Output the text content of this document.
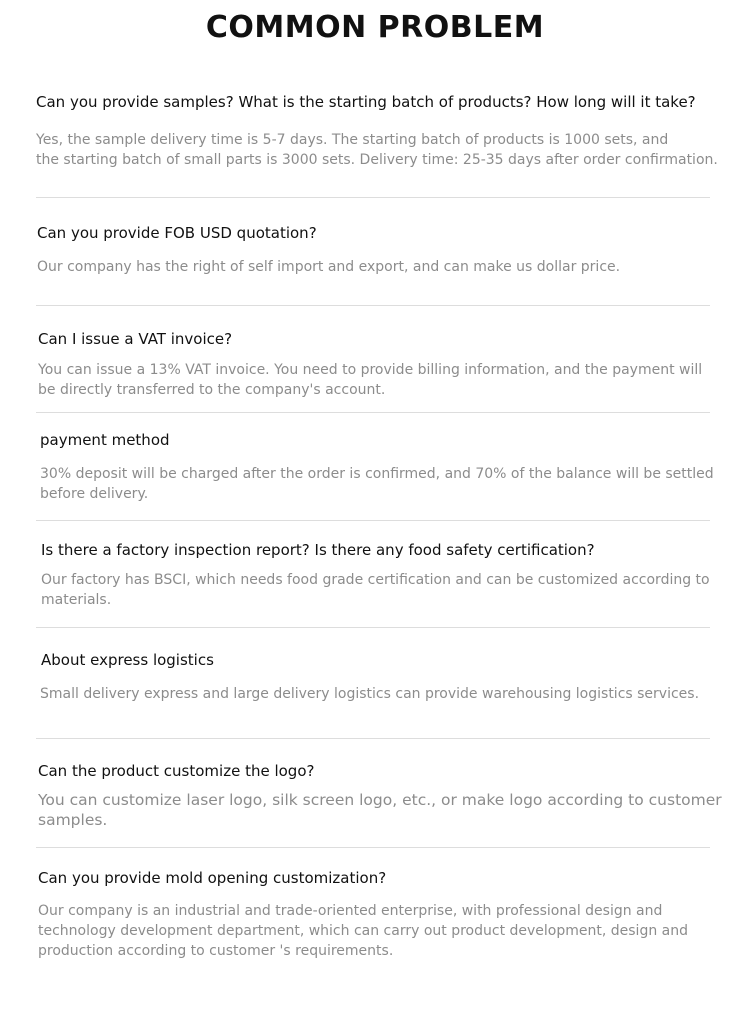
COMMON PROBLEM
Can you provide samples? What is the starting batch of products? How long will it take?
Yes, the sample delivery time is 5-7 days. The starting batch of products is 1000 sets, and
the starting batch of small parts is 3000 sets. Delivery time: 25-35 days after order confirmation.
Can you provide FOB USD quotation?
Our company has the right of self import and export, and can make us dollar price.
Can I issue a VAT invoice?
You can issue a 13% VAT invoice. You need to provide billing information, and the payment will
be directly transferred to the company's account.
payment method
30% deposit will be charged after the order is confirmed, and 70% of the balance will be settled
before delivery.
Is there a factory inspection report? Is there any food safety certification?
Our factory has BSCI, which needs food grade certification and can be customized according to
materials.
About express logistics
Small delivery express and large delivery logistics can provide warehousing logistics services.
Can the product customize the logo?
You can customize laser logo, silk screen logo, etc., or make logo according to customer
samples.
Can you provide mold opening customization?
Our company is an industrial and trade-oriented enterprise, with professional design and
technology development department, which can carry out product development, design and
production according to customer 's requirements.
